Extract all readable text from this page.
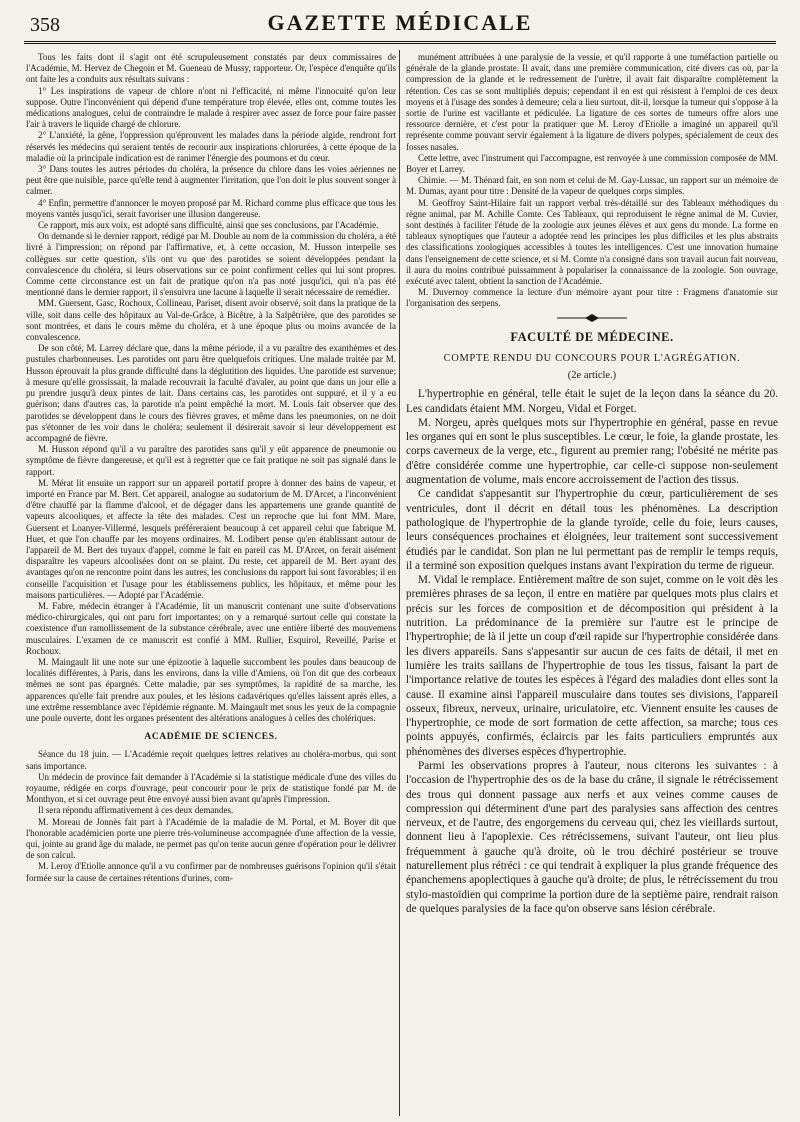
358	GAZETTE MÉDICALE

Tous les faits dont il s'agit ont été scrupuleusement constatés par deux commissaires de l'Académie, M. Hervez de Chegoin et M. Gueneau de Mussy, rapporteur. Or, l'espèce d'enquête qu'ils ont faite les a conduits aux résultats suivans :

1° Les inspirations de vapeur de chlore n'ont ni l'efficacité, ni même l'innocuité qu'on leur suppose. Outre l'inconvénient qui dépend d'une température trop élevée, elles ont, comme toutes les médications analogues, celui de contraindre le malade à respirer avec assez de force pour faire passer l'air à travers le liquide chargé de chlorure.

2° L'anxiété, la gêne, l'oppression qu'éprouvent les malades dans la période algide, rendront fort réservés les médecins qui seraient tentés de recourir aux inspirations chlorurées, à cette époque de la maladie où la principale indication est de ranimer l'énergie des poumons et du cœur.

3° Dans toutes les autres périodes du choléra, la présence du chlore dans les voies aériennes ne peut être que nuisible, parce qu'elle tend à augmenter l'irritation, que l'on doit le plus souvent songer à calmer.

4° Enfin, permettre d'annoncer le moyen proposé par M. Richard comme plus efficace que tous les moyens vantés jusqu'ici, serait favoriser une illusion dangereuse.

Ce rapport, mis aux voix, est adopté sans difficulté, ainsi que ses conclusions, par l'Académie.

On demande si le dernier rapport, rédigé par M. Double au nom de la commission du choléra, a été livré à l'impression; on répond par l'affirmative, et, à cette occasion, M. Husson interpelle ses collègues sur cette question, s'ils ont vu que des parotides se soient développées pendant la convalescence du choléra, si leurs observations sur ce point confirment celles qui lui sont propres. Comme cette circonstance est un fait de pratique qu'on n'a pas noté jusqu'ici, qui n'a pas été mentionné dans le dernier rapport, il s'ensuivra une lacune à laquelle il serait nécessaire de remédier.

MM. Guersent, Gasc, Rochoux, Collineau, Pariset, disent avoir observé, soit dans la pratique de la ville, soit dans celle des hôpitaux au Val-de-Grâce, à Bicêtre, à la Salpêtrière, que des parotides se sont montrées, et dans le cours même du choléra, et à une époque plus ou moins avancée de la convalescence.

De son côté, M. Larrey déclare que, dans la même période, il a vu paraître des exanthèmes et des pustules charbonneuses. Les parotides ont paru être quelquefois critiques. Une malade traitée par M. Husson éprouvait la plus grande difficulté dans la déglutition des liquides. Une parotide est survenue; à mesure qu'elle grossissait, la malade recouvrait la faculté d'avaler, au point que dans un jour elle a pu prendre jusqu'à deux pintes de lait. Dans certains cas, les parotides ont suppuré, et il y a eu guérison; dans d'autres cas, la parotide n'a point empêché la mort. M. Louis fait observer que des parotides se développent dans le cours des fièvres graves, et même dans les pneumonies, on ne doit pas s'étonner de les voir dans le choléra; seulement il désirerait savoir si leur développement est accompagné de fièvre.

M. Husson répond qu'il a vu paraître des parotides sans qu'il y eût apparence de pneumonie ou symptôme de fièvre dangereuse, et qu'il est à regretter que ce fait pratique ne soit pas signalé dans le rapport.

M. Mérat lit ensuite un rapport sur un appareil portatif propre à donner des bains de vapeur, et importé en France par M. Bert. Cet appareil, analogue au sudatorium de M. D'Arcet, a l'inconvénient d'être chauffé par la flamme d'alcool, et de dégager dans les appartemens une grande quantité de vapeurs alcooliques, et affecte la tête des malades. C'est un reproche que lui font MM. Mare, Guersent et Loanyer-Villermé, lesquels préféreraient beaucoup à cet appareil celui que fabrique M. Huet, et que l'on chauffe par les moyens ordinaires. M. Lodibert pense qu'en établissant autour de l'appareil de M. Bert des tuyaux d'appel, comme le fait en pareil cas M. D'Arcet, on ferait aisément disparaître les vapeurs alcoolisées dont on se plaint. Du reste, cet appareil de M. Bert ayant des avantages qu'on ne rencontre point dans les autres, les conclusions du rapport lui sont favorables; il en conseille l'acquisition et l'usage pour les établissemens publics, les hôpitaux, et même pour les maisons particulières. — Adopté par l'Académie.

M. Fabre, médecin étranger à l'Académie, lit un manuscrit contenant une suite d'observations médico-chirurgicales, qui ont paru fort importantes; on y a remarqué surtout celle qui constate la coexistence d'un ramollissement de la substance cérébrale, avec une entière liberté des mouvemens musculaires. L'examen de ce manuscrit est confié à MM. Rullier, Esquirol, Reveillé, Parise et Rochoux.

M. Maingault lit une note sur une épizootie à laquelle succombent les poules dans beaucoup de localités différentes, à Paris, dans les environs, dans la ville d'Amiens, où l'on dit que des corbeaux mêmes ne sont pas épargnés. Cette maladie, par ses symptômes, la rapidité de sa marche, les apparences qu'elle fait prendre aux poules, et les lésions cadavériques qu'elles laissent après elles, a une extrême ressemblance avec l'épidémie régnante. M. Maingault met sous les yeux de la compagnie une poule ouverte, dont les organes présentent des altérations analogues à celles des cholériques.

ACADÉMIE DE SCIENCES.

Séance du 18 juin. — L'Académie reçoit quelques lettres relatives au choléra-morbus, qui sont sans importance.

Un médecin de province fait demander à l'Académie si la statistique médicale d'une des villes du royaume, rédigée en corps d'ouvrage, peut concourir pour le prix de statistique fondé par M. de Monthyon, et si cet ouvrage peut être envoyé aussi bien avant qu'après l'impression.

Il sera répondu affirmativement à ces deux demandes.

M. Moreau de Jonnès fait part à l'Académie de la maladie de M. Portal, et M. Boyer dit que l'honorable académicien porte une pierre très-volumineuse accompagnée d'une affection de la vessie, qui, jointe au grand âge du malade, ne permet pas qu'on tente aucun genre d'opération pour le délivrer de son calcul.

M. Leroy d'Etiolle annonce qu'il a vu confirmer par de nombreuses guérisons l'opinion qu'il s'était formée sur la cause de certaines rétentions d'urines, com-

munément attribuées à une paralysie de la vessie, et qu'il rapporte à une tuméfaction partielle ou générale de la glande prostate. Il avait, dans une première communication, cité divers cas où, par la compression de la glande et le redressement de l'urètre, il avait fait disparaître complètement la rétention. Ces cas se sont multipliés depuis; cependant il en est qui résistent à l'emploi de ces deux moyens et à l'usage des sondes à demeure; cela a lieu surtout, dit-il, lorsque la tumeur qui s'oppose à la sortie de l'urine est vacillante et pédiculée. La ligature de ces sortes de tumeurs offre alors une ressource dernière, et c'est pour la pratiquer que M. Leroy d'Etiolle a imaginé un appareil qu'il représente comme pouvant servir également à la ligature de divers polypes, spécialement de ceux des fosses nasales.

Cette lettre, avec l'instrument qui l'accompagne, est renvoyée à une commission composée de MM. Boyer et Larrey.

Chimie. — M. Thénard fait, en son nom et celui de M. Gay-Lussac, un rapport sur un mémoire de M. Dumas, ayant pour titre : Densité de la vapeur de quelques corps simples.

M. Geoffroy Saint-Hilaire fait un rapport verbal très-détaillé sur des Tableaux méthodiques du règne animal, par M. Achille Comte. Ces Tableaux, qui reproduisent le règne animal de M. Cuvier, sont destinés à faciliter l'étude de la zoologie aux jeunes élèves et aux gens du monde. La forme en tableaux synoptiques que l'auteur a adoptée rend les principes les plus difficiles et les plus abstraits des classifications zoologiques accessibles à toutes les intelligences. C'est une innovation humaine dans l'enseignement de cette science, et si M. Comte n'a consigné dans son travail aucun fait nouveau, il aura du moins contribué puissamment à populariser la connaissance de la zoologie. Son ouvrage, exécuté avec talent, obtient la sanction de l'Académie.

M. Duvernoy commence la lecture d'un mémoire ayant pour titre : Fragmens d'anatomie sur l'organisation des serpens.

FACULTÉ DE MÉDECINE.
COMPTE RENDU DU CONCOURS POUR L'AGRÉGATION.
(2e article.)

L'hypertrophie en général, telle était le sujet de la leçon dans la séance du 20. Les candidats étaient MM. Norgeu, Vidal et Forget.

M. Norgeu, après quelques mots sur l'hypertrophie en général, passe en revue les organes qui en sont le plus susceptibles. Le cœur, le foie, la glande prostate, les corps caverneux de la verge, etc., figurent au premier rang; l'obésité ne mérite pas d'être considérée comme une hypertrophie, car celle-ci suppose non-seulement augmentation de volume, mais encore accroissement de l'action des tissus.

Ce candidat s'appesantit sur l'hypertrophie du cœur, particulièrement de ses ventricules, dont il décrit en détail tous les phénomènes. La description pathologique de l'hypertrophie de la glande tyroïde, celle du foie, leurs causes, leurs conséquences prochaines et éloignées, leur traitement sont successivement étudiés par le candidat. Son plan ne lui permettant pas de remplir le temps requis, il a terminé son exposition quelques instans avant l'expiration du terme de rigueur.

M. Vidal le remplace. Entièrement maître de son sujet, comme on le voit dès les premières phrases de sa leçon, il entre en matière par quelques mots plus clairs et précis sur les forces de composition et de décomposition qui président à la nutrition. La prédominance de la première sur l'autre est le principe de l'hypertrophie; de là il jette un coup d'œil rapide sur l'hypertrophie considérée dans les divers appareils. Sans s'appesantir sur aucun de ces faits de détail, il met en lumière les traits saillans de l'hypertrophie de tous les tissus, faisant la part de l'importance relative de toutes les espèces à l'égard des maladies dont elles sont la cause. Il examine ainsi l'appareil musculaire dans toutes ses divisions, l'appareil osseux, fibreux, nerveux, urinaire, uriculatoire, etc. Viennent ensuite les causes de l'hypertrophie, ce mode de sort formation de cette affection, sa marche; tous ces points appuyés, confirmés, éclaircis par les faits particuliers empruntés aux phénomènes des diverses espèces d'hypertrophie.

Parmi les observations propres à l'auteur, nous citerons les suivantes : à l'occasion de l'hypertrophie des os de la base du crâne, il signale le rétrécissement des trous qui donnent passage aux nerfs et aux veines comme causes de compression qui déterminent d'une part des paralysies sans affection des centres nerveux, et de l'autre, des engorgemens du cerveau qui, chez les vieillards surtout, donnent lieu à l'apoplexie. Ces rétrécissemens, suivant l'auteur, ont lieu plus fréquemment à gauche qu'à droite, où le trou déchiré postérieur se trouve naturellement plus rétréci : ce qui tendrait à expliquer la plus grande fréquence des épanchemens apoplectiques à gauche qu'à droite; de plus, le rétrécissement du trou stylo-mastoïdien qui comprime la portion dure de la septième paire, rendrait raison de quelques paralysies de la face qu'on observe sans lésion cérébrale.
